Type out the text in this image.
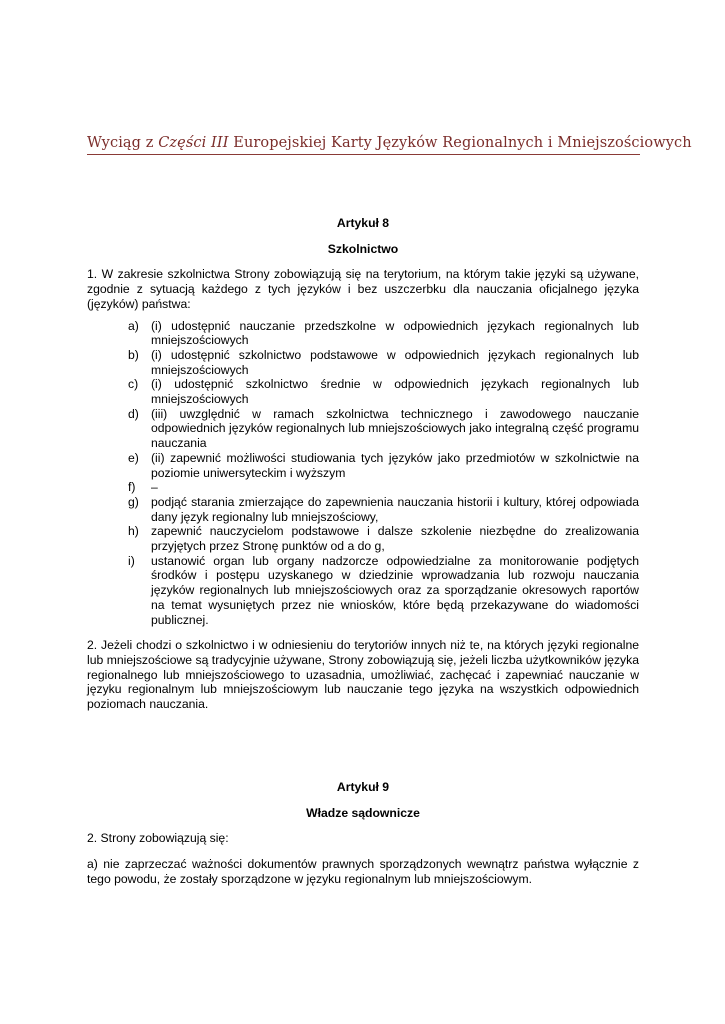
Wyciąg z Części III Europejskiej Karty Języków Regionalnych i Mniejszościowych
Artykuł 8
Szkolnictwo

1. W zakresie szkolnictwa Strony zobowiązują się na terytorium, na którym takie języki są używane, zgodnie z sytuacją każdego z tych języków i bez uszczerbku dla nauczania oficjalnego języka (języków) państwa:

a) (i) udostępnić nauczanie przedszkolne w odpowiednich językach regionalnych lub mniejszościowych
b) (i) udostępnić szkolnictwo podstawowe w odpowiednich językach regionalnych lub mniejszościowych
c) (i) udostępnić szkolnictwo średnie w odpowiednich językach regionalnych lub mniejszościowych
d) (iii) uwzględnić w ramach szkolnictwa technicznego i zawodowego nauczanie odpowiednich języków regionalnych lub mniejszościowych jako integralną część programu nauczania
e) (ii) zapewnić możliwości studiowania tych języków jako przedmiotów w szkolnictwie na poziomie uniwersyteckim i wyższym
f) –
g) podjąć starania zmierzające do zapewnienia nauczania historii i kultury, której odpowiada dany język regionalny lub mniejszościowy,
h) zapewnić nauczycielom podstawowe i dalsze szkolenie niezbędne do zrealizowania przyjętych przez Stronę punktów od a do g,
i) ustanowić organ lub organy nadzorcze odpowiedzialne za monitorowanie podjętych środków i postępu uzyskanego w dziedzinie wprowadzania lub rozwoju nauczania języków regionalnych lub mniejszościowych oraz za sporządzanie okresowych raportów na temat wysuniętych przez nie wniosków, które będą przekazywane do wiadomości publicznej.

2. Jeżeli chodzi o szkolnictwo i w odniesieniu do terytoriów innych niż te, na których języki regionalne lub mniejszościowe są tradycyjnie używane, Strony zobowiązują się, jeżeli liczba użytkowników języka regionalnego lub mniejszościowego to uzasadnia, umożliwiać, zachęcać i zapewniać nauczanie w języku regionalnym lub mniejszościowym lub nauczanie tego języka na wszystkich odpowiednich poziomach nauczania.

Artykuł 9
Władze sądownicze

2. Strony zobowiązują się:

a) nie zaprzeczać ważności dokumentów prawnych sporządzonych wewnątrz państwa wyłącznie z tego powodu, że zostały sporządzone w języku regionalnym lub mniejszościowym.
